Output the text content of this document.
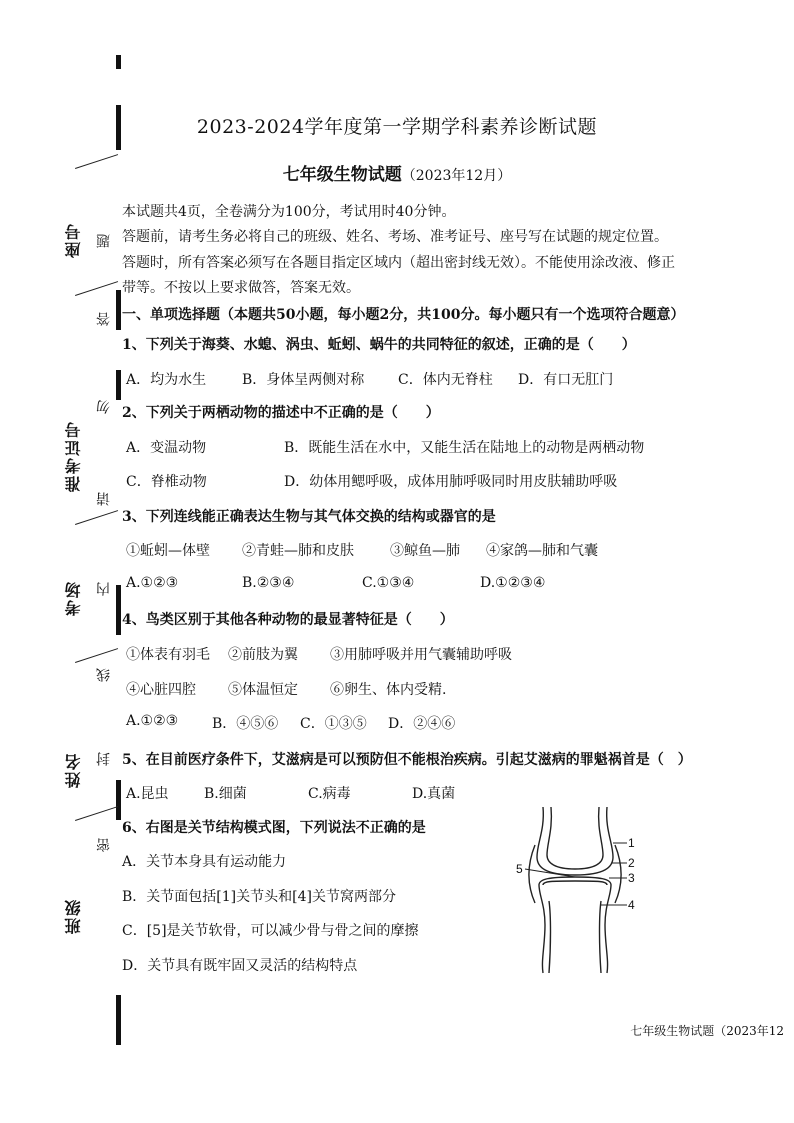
座号
准考证号
考场
姓名
班级
题
答
勿
请
内
线
封
密
2023-2024学年度第一学期学科素养诊断试题
七年级生物试题（2023年12月）
本试题共4页，全卷满分为100分，考试用时40分钟。
答题前，请考生务必将自己的班级、姓名、考场、准考证号、座号写在试题的规定位置。
答题时，所有答案必须写在各题目指定区域内（超出密封线无效）。不能使用涂改液、修正
带等。不按以上要求做答，答案无效。
一、单项选择题（本题共50小题，每小题2分，共100分。每小题只有一个选项符合题意）
1、下列关于海葵、水螅、涡虫、蚯蚓、蜗牛的共同特征的叙述，正确的是（　　）
A．均为水生	B．身体呈两侧对称 C．体内无脊柱 D．有口无肛门
2、下列关于两栖动物的描述中不正确的是（　　）
A．变温动物	B．既能生活在水中，又能生活在陆地上的动物是两栖动物
C．脊椎动物	D．幼体用鳃呼吸，成体用肺呼吸同时用皮肤辅助呼吸
3、下列连线能正确表达生物与其气体交换的结构或器官的是
①蚯蚓—体壁 ②青蛙—肺和皮肤	③鲸鱼—肺 ④家鸽—肺和气囊
A.①②③	B.②③④	C.①③④	D.①②③④
4、鸟类区别于其他各种动物的最显著特征是（　　）
①体表有羽毛 ②前肢为翼 ③用肺呼吸并用气囊辅助呼吸
④心脏四腔 ⑤体温恒定 ⑥卵生、体内受精.
A.①②③ B．④⑤⑥ C．①③⑤ D．②④⑥
5、在目前医疗条件下，艾滋病是可以预防但不能根治疾病。引起艾滋病的罪魁祸首是（　）
A.昆虫	B.细菌	C.病毒	D.真菌
6、右图是关节结构模式图，下列说法不正确的是
A．关节本身具有运动能力
B．关节面包括[1]关节头和[4]关节窝两部分
C．[5]是关节软骨，可以减少骨与骨之间的摩擦
D．关节具有既牢固又灵活的结构特点
1
2
3
4
5
七年级生物试题（2023年12
